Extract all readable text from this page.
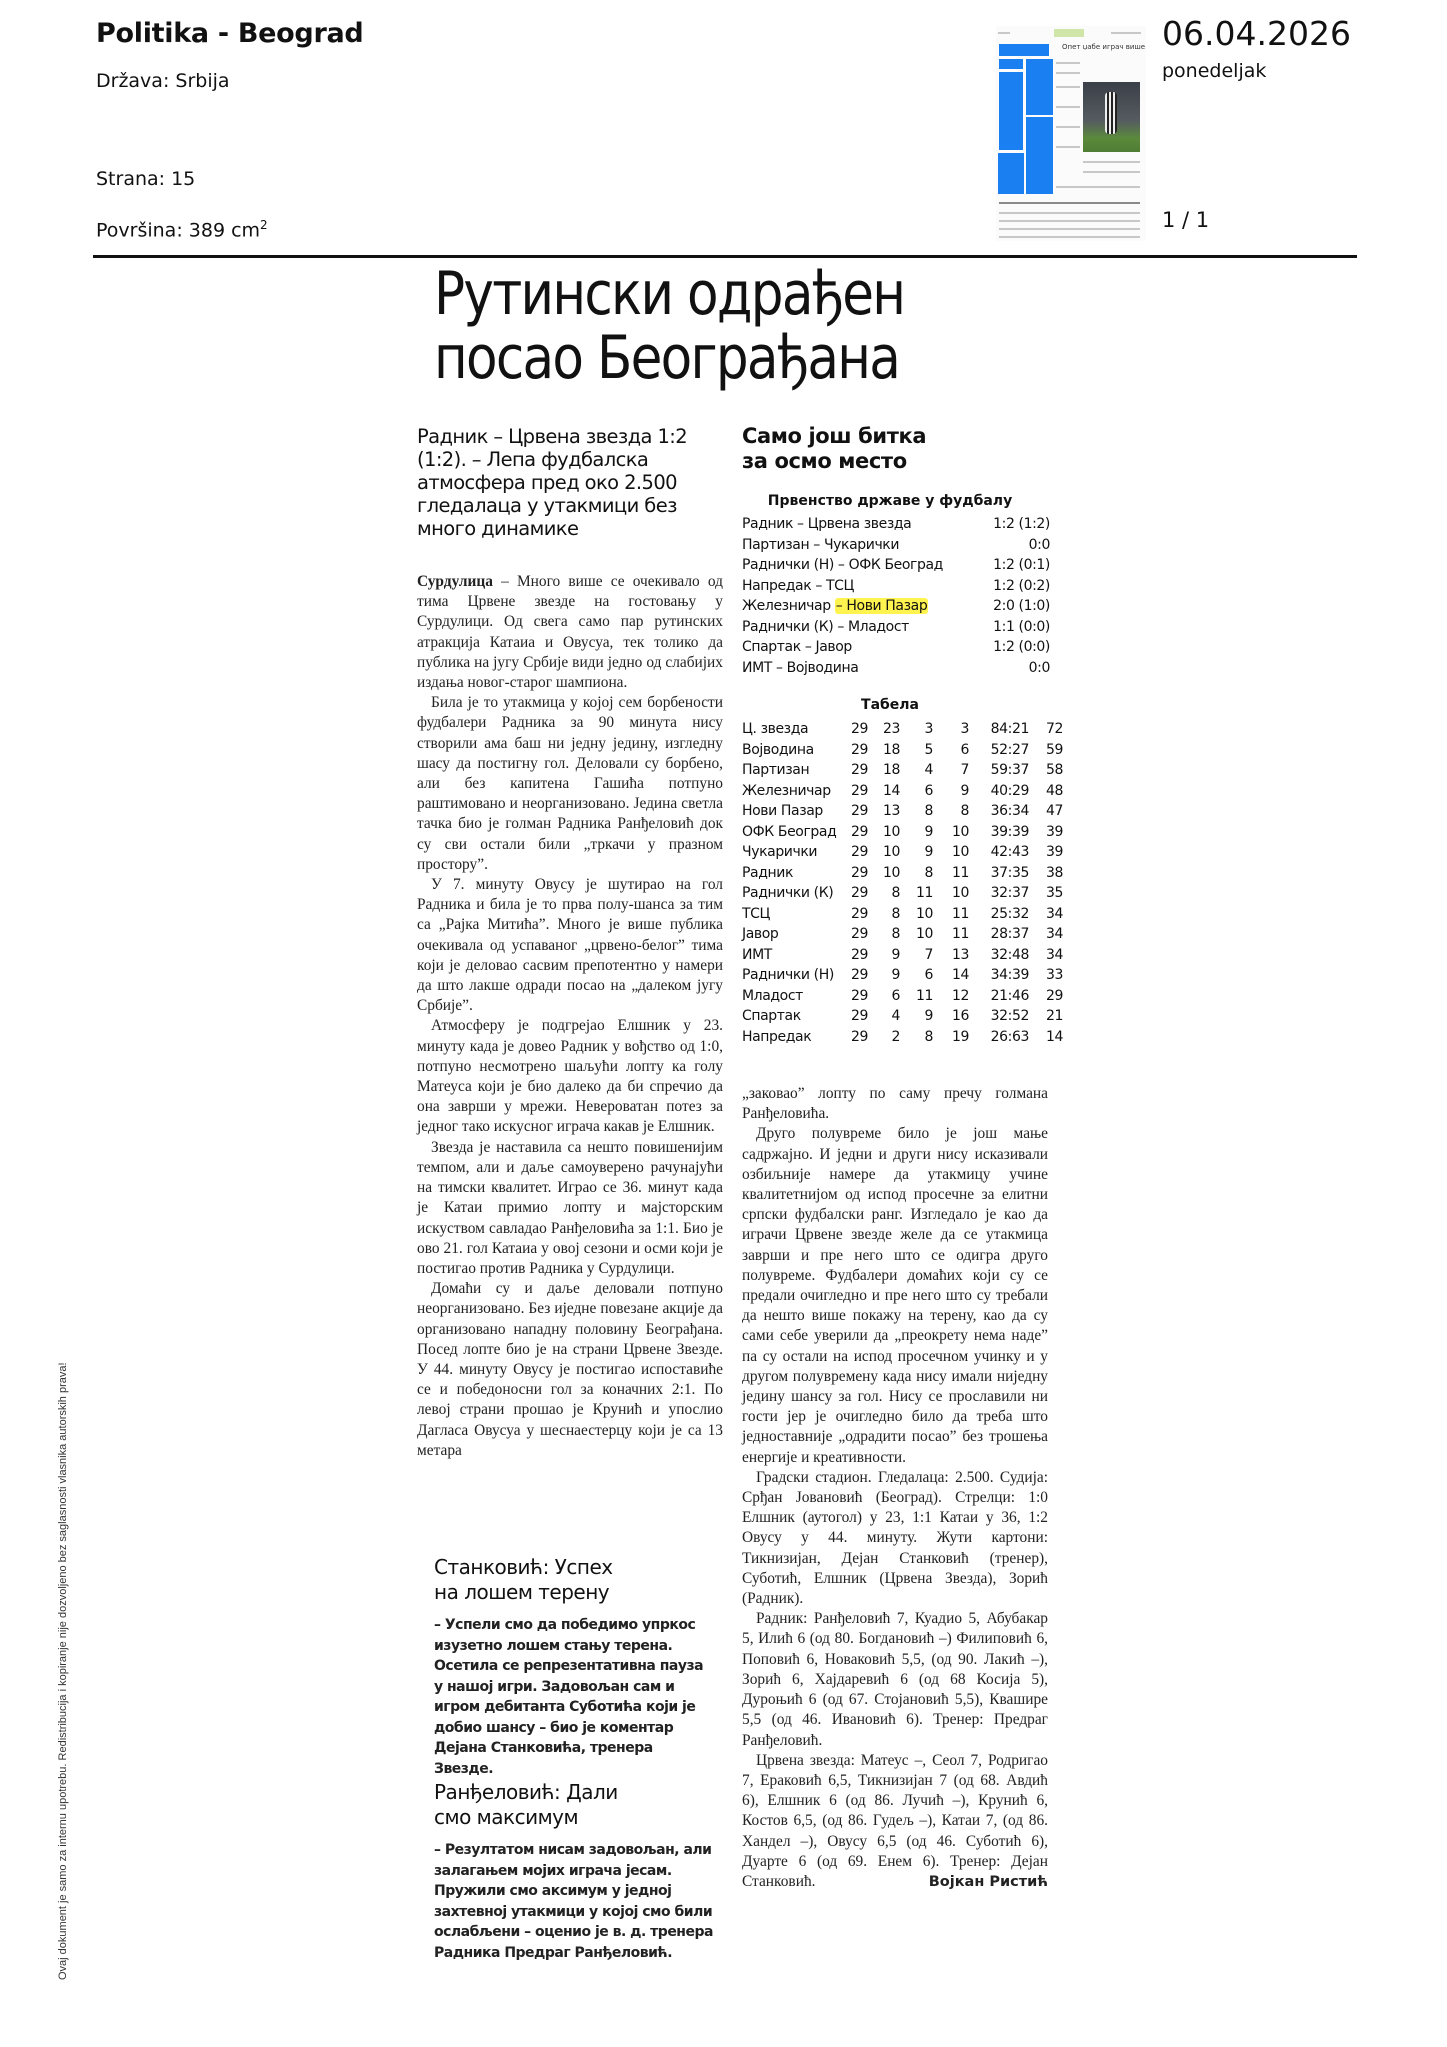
Politika - Beograd
Država: Srbija
Strana: 15
Površina: 389 $cm^2$
Опет џабе играч више 06.04.2026
ponedeljak
1 / 1
Рутински одрађен
посао Београђана
Радник – Црвена звезда 1:2 (1:2). – Лепа фудбалска атмосфера пред око 2.500 гледалаца у утакмици без много динамике

Сурдулица – Много више се очекивало од тима Црвене звезде на гостовању у Сурдулици. Од свега само пар рутинских атракција Катаиа и Овусуа, тек толико да публика на југу Србије види једно од слабијих издања новог-старог шампиона.

Била је то утакмица у којој сем борбености фудбалери Радника за 90 минута нису створили ама баш ни једну једину, изгледну шасу да постигну гол. Деловали су борбено, али без капитена Гашића потпуно раштимовано и неорганизовано. Једина светла тачка био је голман Радника Ранђеловић док су сви остали били „тркачи у празном простору”.

У 7. минуту Овусу је шутирао на гол Радника и била је то прва полу-шанса за тим са „Рајка Митића”. Много је више публика очекивала од успаваног „црвено-белог” тима који је деловао сасвим препотентно у намери да што лакше одради посао на „далеком југу Србије”.

Атмосферу је подгрејао Елшник у 23. минуту када је довео Радник у вођство од 1:0, потпуно несмотрено шаљући лопту ка голу Матеуса који је био далеко да би спречио да она заврши у мрежи. Невероватан потез за једног тако искусног играча какав је Елшник.

Звезда је наставила са нешто повишенијим темпом, али и даље самоуверено рачунајући на тимски квалитет. Играо се 36. минут када је Катаи примио лопту и мајсторским искуством савладао Ранђеловића за 1:1. Био је ово 21. гол Катаиа у овој сезони и осми који је постигао против Радника у Сурдулици.

Домаћи су и даље деловали потпуно неорганизовано. Без иједне повезане акције да организовано нападну половину Београђана. Посед лопте био је на страни Црвене Звезде. У 44. минуту Овусу је постигао испоставиће се и победоносни гол за коначних 2:1. По левој страни прошао је Крунић и упослио Дагласа Овусуа у шеснаестерцу који је са 13 метара

Станковић: Успех
на лошем терену
– Успели смо да победимо упркос изузетно лошем стању терена. Осетила се репрезентативна пауза у нашој игри. Задовољан сам и игром дебитанта Суботића који је добио шансу – био је коментар Дејана Станковића, тренера Звезде.
Ранђеловић: Дали
смо максимум
– Резултатом нисам задовољан, али залагањем мојих играча јесам. Пружили смо аксимум у једној захтевној утакмици у којој смо били ослабљени – оценио је в. д. тренера Радника Предраг Ранђеловић.
Само још битка
за осмо место
Првенство државе у фудбалу
Радник – Црвена звезда	1:2 (1:2)
Партизан – Чукарички	0:0
Раднички (Н) – ОФК Београд	1:2 (0:1)
Напредак – ТСЦ	1:2 (0:2)
Железничар – Нови Пазар	2:0 (1:0)
Раднички (К) – Младост	1:1 (0:0)
Спартак – Јавор	1:2 (0:0)
ИМТ – Војводина	0:0
Табела
Ц. звезда	29	23	3	3	84:21	72
Војводина	29	18	5	6	52:27	59
Партизан	29	18	4	7	59:37	58
Железничар	29	14	6	9	40:29	48
Нови Пазар	29	13	8	8	36:34	47
ОФК Београд	29	10	9	10	39:39	39
Чукарички	29	10	9	10	42:43	39
Радник	29	10	8	11	37:35	38
Раднички (К)	29	8	11	10	32:37	35
ТСЦ	29	8	10	11	25:32	34
Јавор	29	8	10	11	28:37	34
ИМТ	29	9	7	13	32:48	34
Раднички (Н)	29	9	6	14	34:39	33
Младост	29	6	11	12	21:46	29
Спартак	29	4	9	16	32:52	21
Напредак	29	2	8	19	26:63	14

„заковао” лопту по саму пречу голмана Ранђеловића.

Друго полувреме било је још мање садржајно. И једни и други нису исказивали озбиљније намере да утакмицу учине квалитетнијом од испод просечне за елитни српски фудбалски ранг. Изгледало је као да играчи Црвене звезде желе да се утакмица заврши и пре него што се одигра друго полувреме. Фудбалери домаћих који су се предали очигледно и пре него што су требали да нешто више покажу на терену, као да су сами себе уверили да „преокрету нема наде” па су остали на испод просечном учинку и у другом полувремену када нису имали ниједну једину шансу за гол. Нису се прославили ни гости јер је очигледно било да треба што једноставније „одрадити посао” без трошења енергије и креативности.

Градски стадион. Гледалаца: 2.500. Судија: Срђан Јовановић (Београд). Стрелци: 1:0 Елшник (аутогол) у 23, 1:1 Катаи у 36, 1:2 Овусу у 44. минуту. Жути картони: Тикнизијан, Дејан Станковић (тренер), Суботић, Елшник (Црвена Звезда), Зорић (Радник).

Радник: Ранђеловић 7, Куадио 5, Абубакар 5, Илић 6 (од 80. Богдановић –) Филиповић 6, Поповић 6, Новаковић 5,5, (од 90. Лакић –), Зорић 6, Хајдаревић 6 (од 68 Косија 5), Дуроњић 6 (од 67. Стојановић 5,5), Квашире 5,5 (од 46. Ивановић 6). Тренер: Предраг Ранђеловић.

Црвена звезда: Матеус –, Сеол 7, Родригао 7, Ераковић 6,5, Тикнизијан 7 (од 68. Авдић 6), Елшник 6 (од 86. Лучић –), Крунић 6, Костов 6,5, (од 86. Гудељ –), Катаи 7, (од 86. Хандел –), Овусу 6,5 (од 46. Суботић 6), Дуарте 6 (од 69. Енем 6). Тренер: Дејан Станковић.	Војкан Ристић

Ovaj dokument je samo za internu upotrebu. Redistribucija i kopiranje nije dozvoljeno bez saglasnosti vlasnika autorskih prava!
